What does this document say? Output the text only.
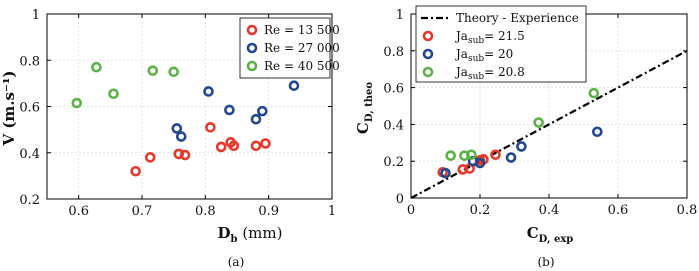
0.6	0.7	0.8	0.9	1
0.2
0.4
0.6
0.8
1
Re = 13 500
Re = 27 000
Re = 40 500
$D_b$ (mm)
V (m.s⁻¹)
(a)
0	0.2	0.4	0.6	0.8
0
0.2
0.4
0.6
0.8
1	Theory - Experience
$Ja_{sub}= 21.5$
$Ja_{sub}= 20$
$Ja_{sub}= 20.8$
$C_{D, exp}$
$C_{D, theo}$
(b)
